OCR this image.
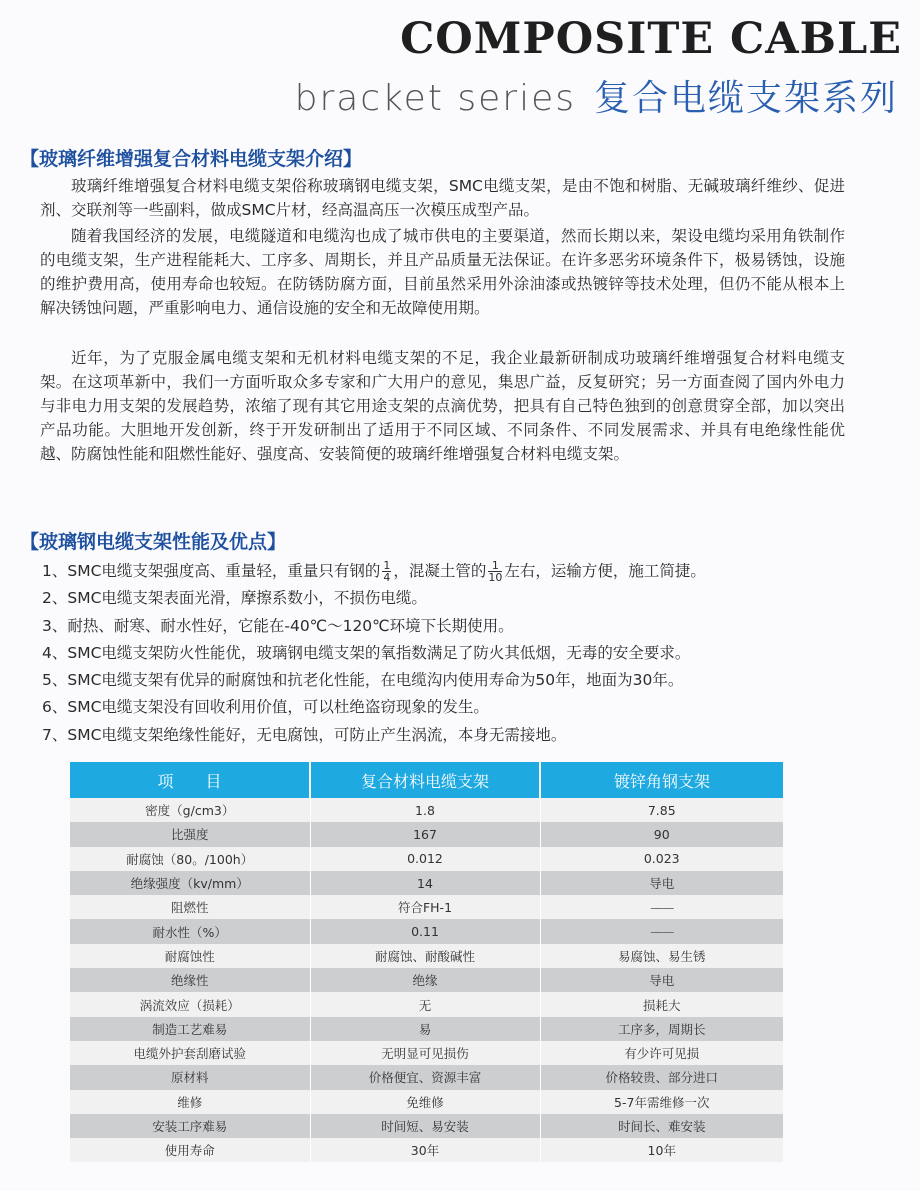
COMPOSITE CABLE
bracket series 复合电缆支架系列
【玻璃纤维增强复合材料电缆支架介绍】

玻璃纤维增强复合材料电缆支架俗称玻璃钢电缆支架，SMC电缆支架，是由不饱和树脂、无碱玻璃纤维纱、促进剂、交联剂等一些副料，做成SMC片材，经高温高压一次模压成型产品。

随着我国经济的发展，电缆隧道和电缆沟也成了城市供电的主要渠道，然而长期以来，架设电缆均采用角铁制作的电缆支架，生产进程能耗大、工序多、周期长，并且产品质量无法保证。在许多恶劣环境条件下，极易锈蚀，设施的维护费用高，使用寿命也较短。在防锈防腐方面，目前虽然采用外涂油漆或热镀锌等技术处理，但仍不能从根本上解决锈蚀问题，严重影响电力、通信设施的安全和无故障使用期。

近年，为了克服金属电缆支架和无机材料电缆支架的不足，我企业最新研制成功玻璃纤维增强复合材料电缆支架。在这项革新中，我们一方面听取众多专家和广大用户的意见，集思广益，反复研究；另一方面查阅了国内外电力与非电力用支架的发展趋势，浓缩了现有其它用途支架的点滴优势，把具有自己特色独到的创意贯穿全部，加以突出产品功能。大胆地开发创新，终于开发研制出了适用于不同区域、不同条件、不同发展需求、并具有电绝缘性能优越、防腐蚀性能和阻燃性能好、强度高、安装简便的玻璃纤维增强复合材料电缆支架。

【玻璃钢电缆支架性能及优点】
1、SMC电缆支架强度高、重量轻，重量只有钢的 $\frac{1}{4}$ ，混凝土管的 $\frac{1}{10}$ 左右，运输方便，施工简捷。
2、SMC电缆支架表面光滑，摩擦系数小，不损伤电缆。
3、耐热、耐寒、耐水性好，它能在-40℃～120℃环境下长期使用。
4、SMC电缆支架防火性能优，玻璃钢电缆支架的氧指数满足了防火其低烟，无毒的安全要求。
5、SMC电缆支架有优异的耐腐蚀和抗老化性能，在电缆沟内使用寿命为50年，地面为30年。
6、SMC电缆支架没有回收利用价值，可以杜绝盗窃现象的发生。
7、SMC电缆支架绝缘性能好，无电腐蚀，可防止产生涡流，本身无需接地。
项　　目	复合材料电缆支架	镀锌角钢支架
密度（g/cm3）	1.8	7.85
比强度	167	90
耐腐蚀（80。/100h）	0.012	0.023
绝缘强度（kv/mm）	14	导电
阻燃性	符合FH-1	——
耐水性（%）	0.11	——
耐腐蚀性	耐腐蚀、耐酸碱性	易腐蚀、易生锈
绝缘性	绝缘	导电
涡流效应（损耗）	无	损耗大
制造工艺难易	易	工序多，周期长
电缆外护套刮磨试验	无明显可见损伤	有少许可见损
原材料	价格便宜、资源丰富	价格较贵、部分进口
维修	免维修	5-7年需维修一次
安装工序难易	时间短、易安装	时间长、难安装
使用寿命	30年	10年
